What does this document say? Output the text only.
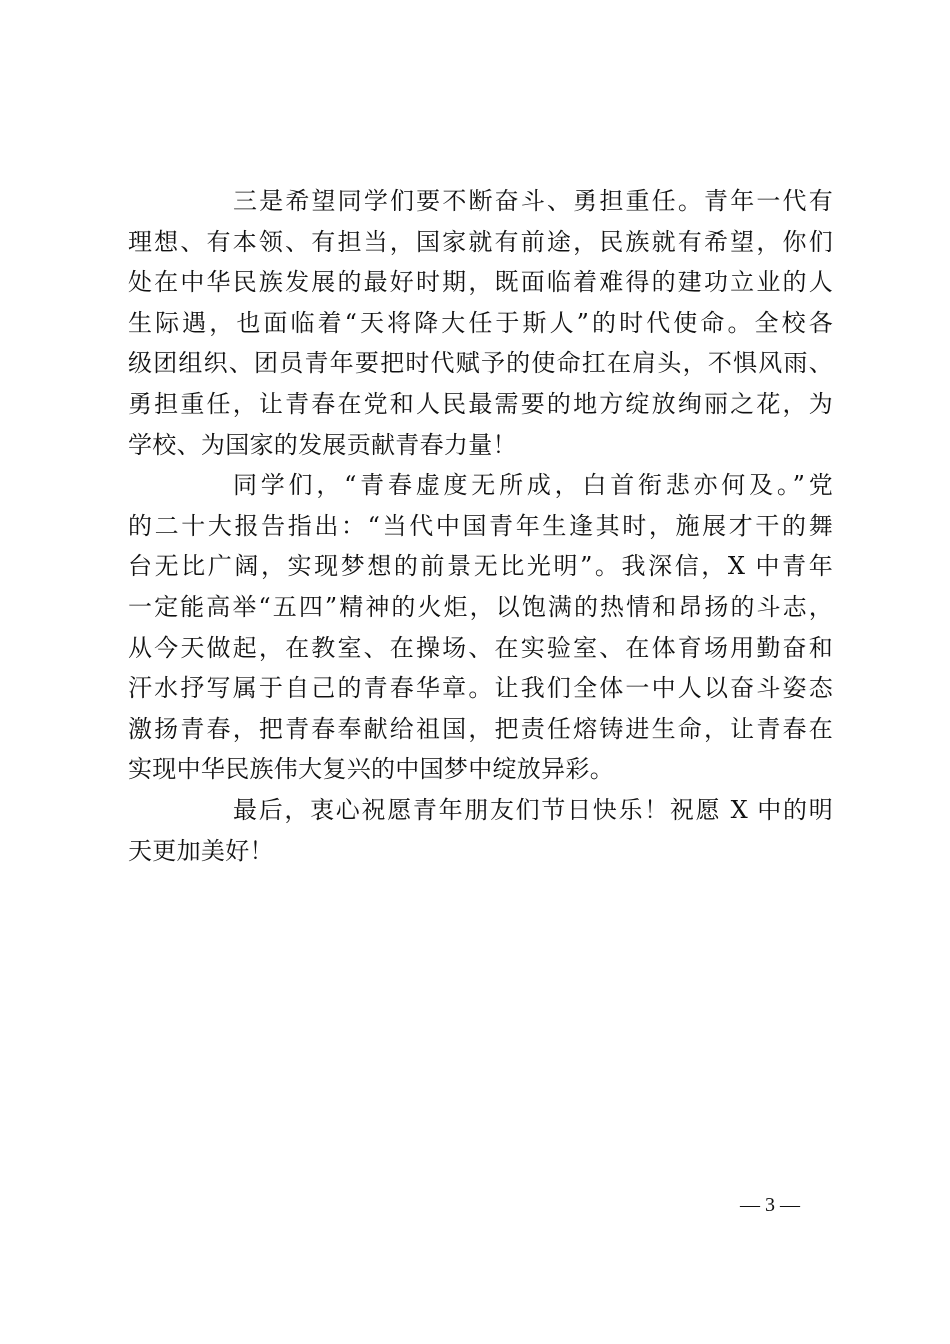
三是希望同学们要不断奋斗、勇担重任。青年一代有
理想、有本领、有担当，国家就有前途，民族就有希望，你们
处在中华民族发展的最好时期，既面临着难得的建功立业的人
生际遇，也面临着“天将降大任于斯人”的时代使命。全校各
级团组织、团员青年要把时代赋予的使命扛在肩头，不惧风雨、
勇担重任，让青春在党和人民最需要的地方绽放绚丽之花，为
学校、为国家的发展贡献青春力量！
同学们，“青春虚度无所成，白首衔悲亦何及。”党
的二十大报告指出：“当代中国青年生逢其时，施展才干的舞
台无比广阔，实现梦想的前景无比光明”。我深信，X 中青年
一定能高举“五四”精神的火炬，以饱满的热情和昂扬的斗志，
从今天做起，在教室、在操场、在实验室、在体育场用勤奋和
汗水抒写属于自己的青春华章。让我们全体一中人以奋斗姿态
激扬青春，把青春奉献给祖国，把责任熔铸进生命，让青春在
实现中华民族伟大复兴的中国梦中绽放异彩。
最后，衷心祝愿青年朋友们节日快乐！祝愿 X 中的明
天更加美好！
— 3 —
